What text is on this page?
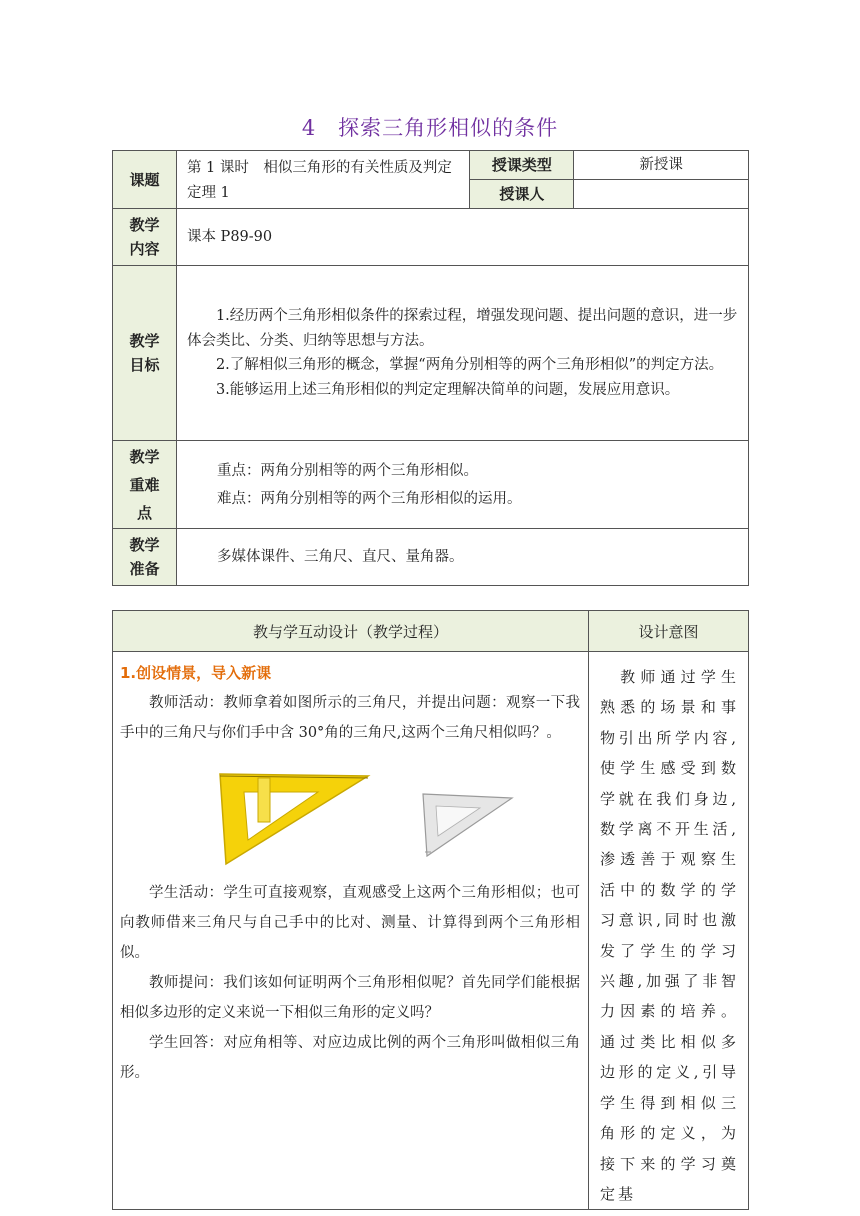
4　探索三角形相似的条件
课题	第 1 课时　相似三角形的有关性质及判定定理 1	授课类型	新授课
		授课人	
教学内容	课本 P89-90		
教学目标	1.经历两个三角形相似条件的探索过程，增强发现问题、提出问题的意识，进一步体会类比、分类、归纳等思想与方法。
2.了解相似三角形的概念，掌握“两角分别相等的两个三角形相似”的判定方法。
3.能够运用上述三角形相似的判定定理解决简单的问题，发展应用意识。		

教学重难点	重点：两角分别相等的两个三角形相似。
难点：两角分别相等的两个三角形相似的运用。		

教学准备	多媒体课件、三角尺、直尺、量角器。		
教与学互动设计（教学过程）	设计意图

1.创设情景，导入新课
教师活动：教师拿着如图所示的三角尺，并提出问题：观察一下我手中的三角尺与你们手中含 30°角的三角尺,这两个三角尺相似吗？。
学生活动：学生可直接观察，直观感受上这两个三角形相似；也可向教师借来三角尺与自己手中的比对、测量、计算得到两个三角形相似。
教师提问：我们该如何证明两个三角形相似呢？首先同学们能根据相似多边形的定义来说一下相似三角形的定义吗？
学生回答：对应角相等、对应边成比例的两个三角形叫做相似三角形。	　教师通过学生熟悉的场景和事物引出所学内容,使学生感受到数学就在我们身边,数学离不开生活,渗透善于观察生活中的数学的学习意识,同时也激发了学生的学习兴趣,加强了非智力因素的培养。通过类比相似多边形的定义,引导学生得到相似三角形的定义，为接下来的学习奠定基
